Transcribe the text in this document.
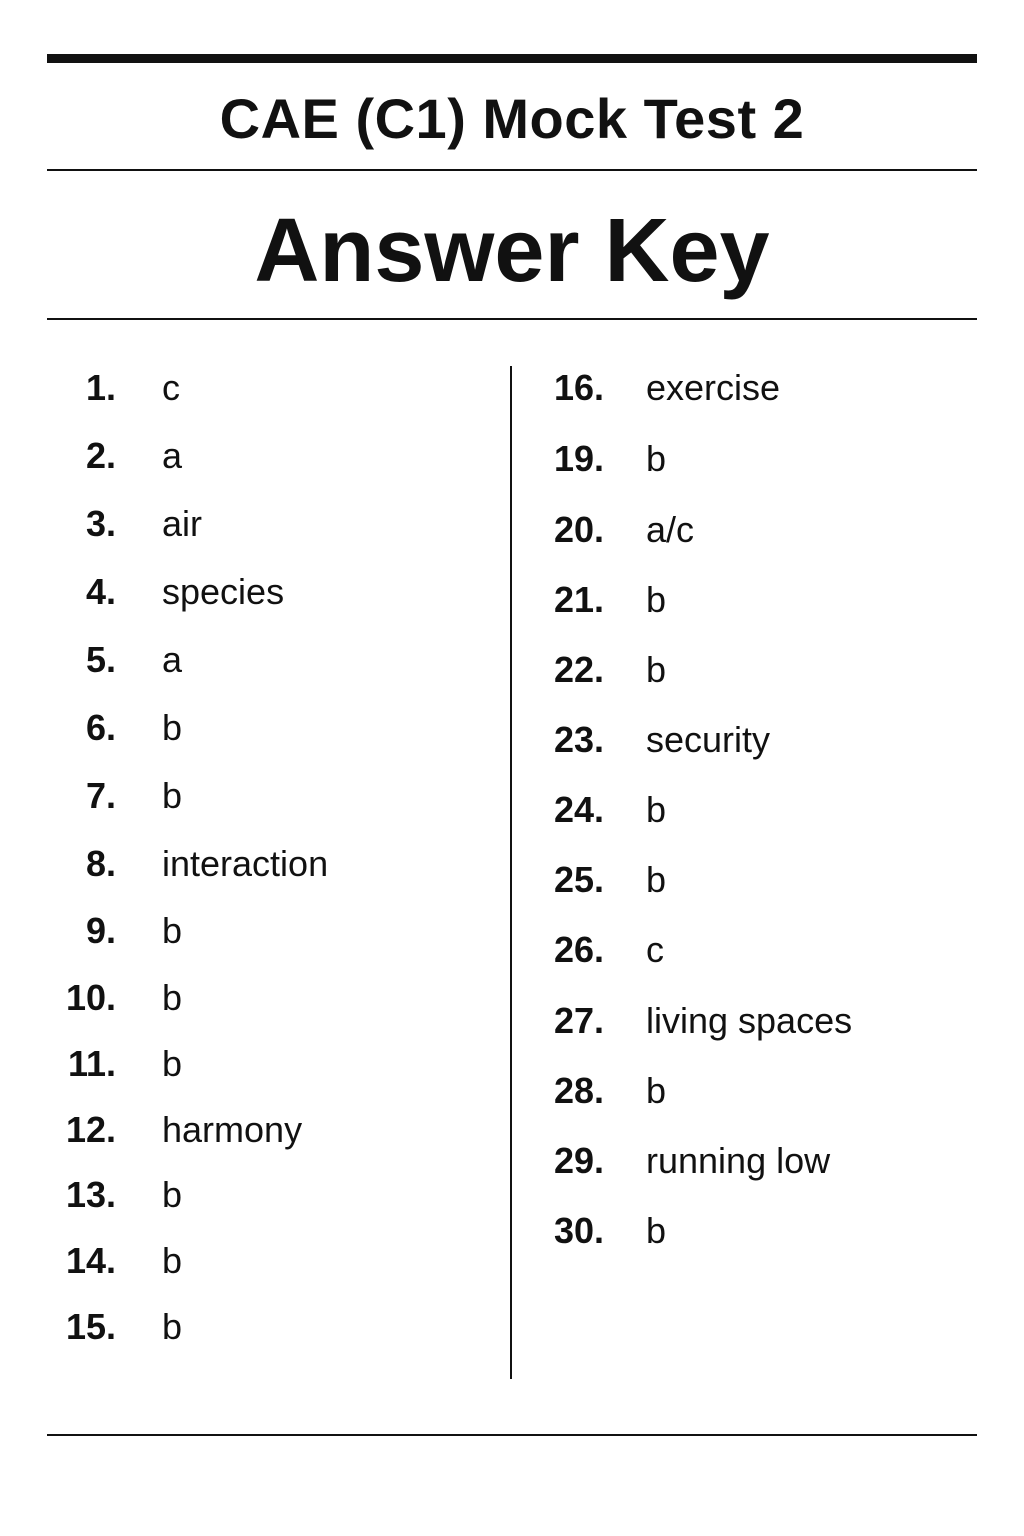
CAE (C1) Mock Test 2
Answer Key
1. c
2. a
3. air
4. species
5. a
6. b
7. b
8. interaction
9. b
10. b
11. b
12. harmony
13. b
14. b
15. b
16. exercise
19. b
20. a/c
21. b
22. b
23. security
24. b
25. b
26. c
27. living spaces
28. b
29. running low
30. b
